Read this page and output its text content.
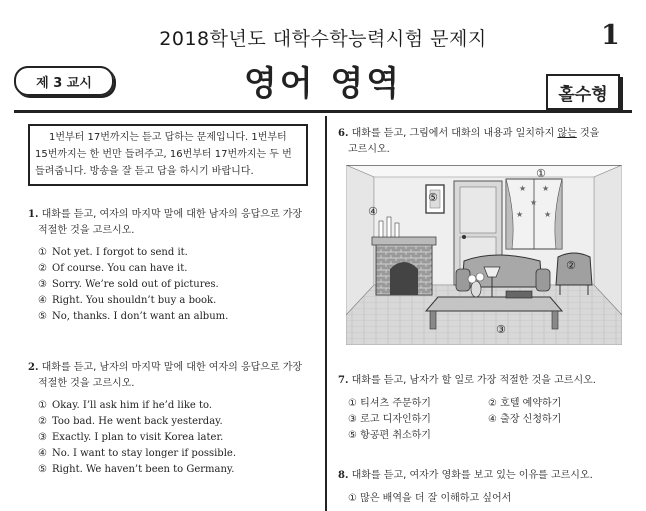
2018학년도 대학수학능력시험 문제지	1
제 3 교시	영어 영역	홀수형
1번부터 17번까지는 듣고 답하는 문제입니다. 1번부터
15번까지는 한 번만 들려주고, 16번부터 17번까지는 두 번
들려줍니다. 방송을 잘 듣고 답을 하시기 바랍니다.
1. 대화를 듣고, 여자의 마지막 말에 대한 남자의 응답으로 가장
적절한 것을 고르시오.
① Not yet. I forgot to send it.
② Of course. You can have it.
③ Sorry. We’re sold out of pictures.
④ Right. You shouldn’t buy a book.
⑤ No, thanks. I don’t want an album.
2. 대화를 듣고, 남자의 마지막 말에 대한 여자의 응답으로 가장
적절한 것을 고르시오.
① Okay. I’ll ask him if he’d like to.
② Too bad. He went back yesterday.
③ Exactly. I plan to visit Korea later.
④ No. I want to stay longer if possible.
⑤ Right. We haven’t been to Germany.
6. 대화를 듣고, 그림에서 대화의 내용과 일치하지 않는 것을
고르시오.
★ ★
★
★	★
①
②
③
④
⑤
7. 대화를 듣고, 남자가 할 일로 가장 적절한 것을 고르시오.
① 티셔츠 주문하기	② 호텔 예약하기
③ 로고 디자인하기	④ 출장 신청하기
⑤ 항공편 취소하기
8. 대화를 듣고, 여자가 영화를 보고 있는 이유를 고르시오.
① 많은 배역을 더 잘 이해하고 싶어서
